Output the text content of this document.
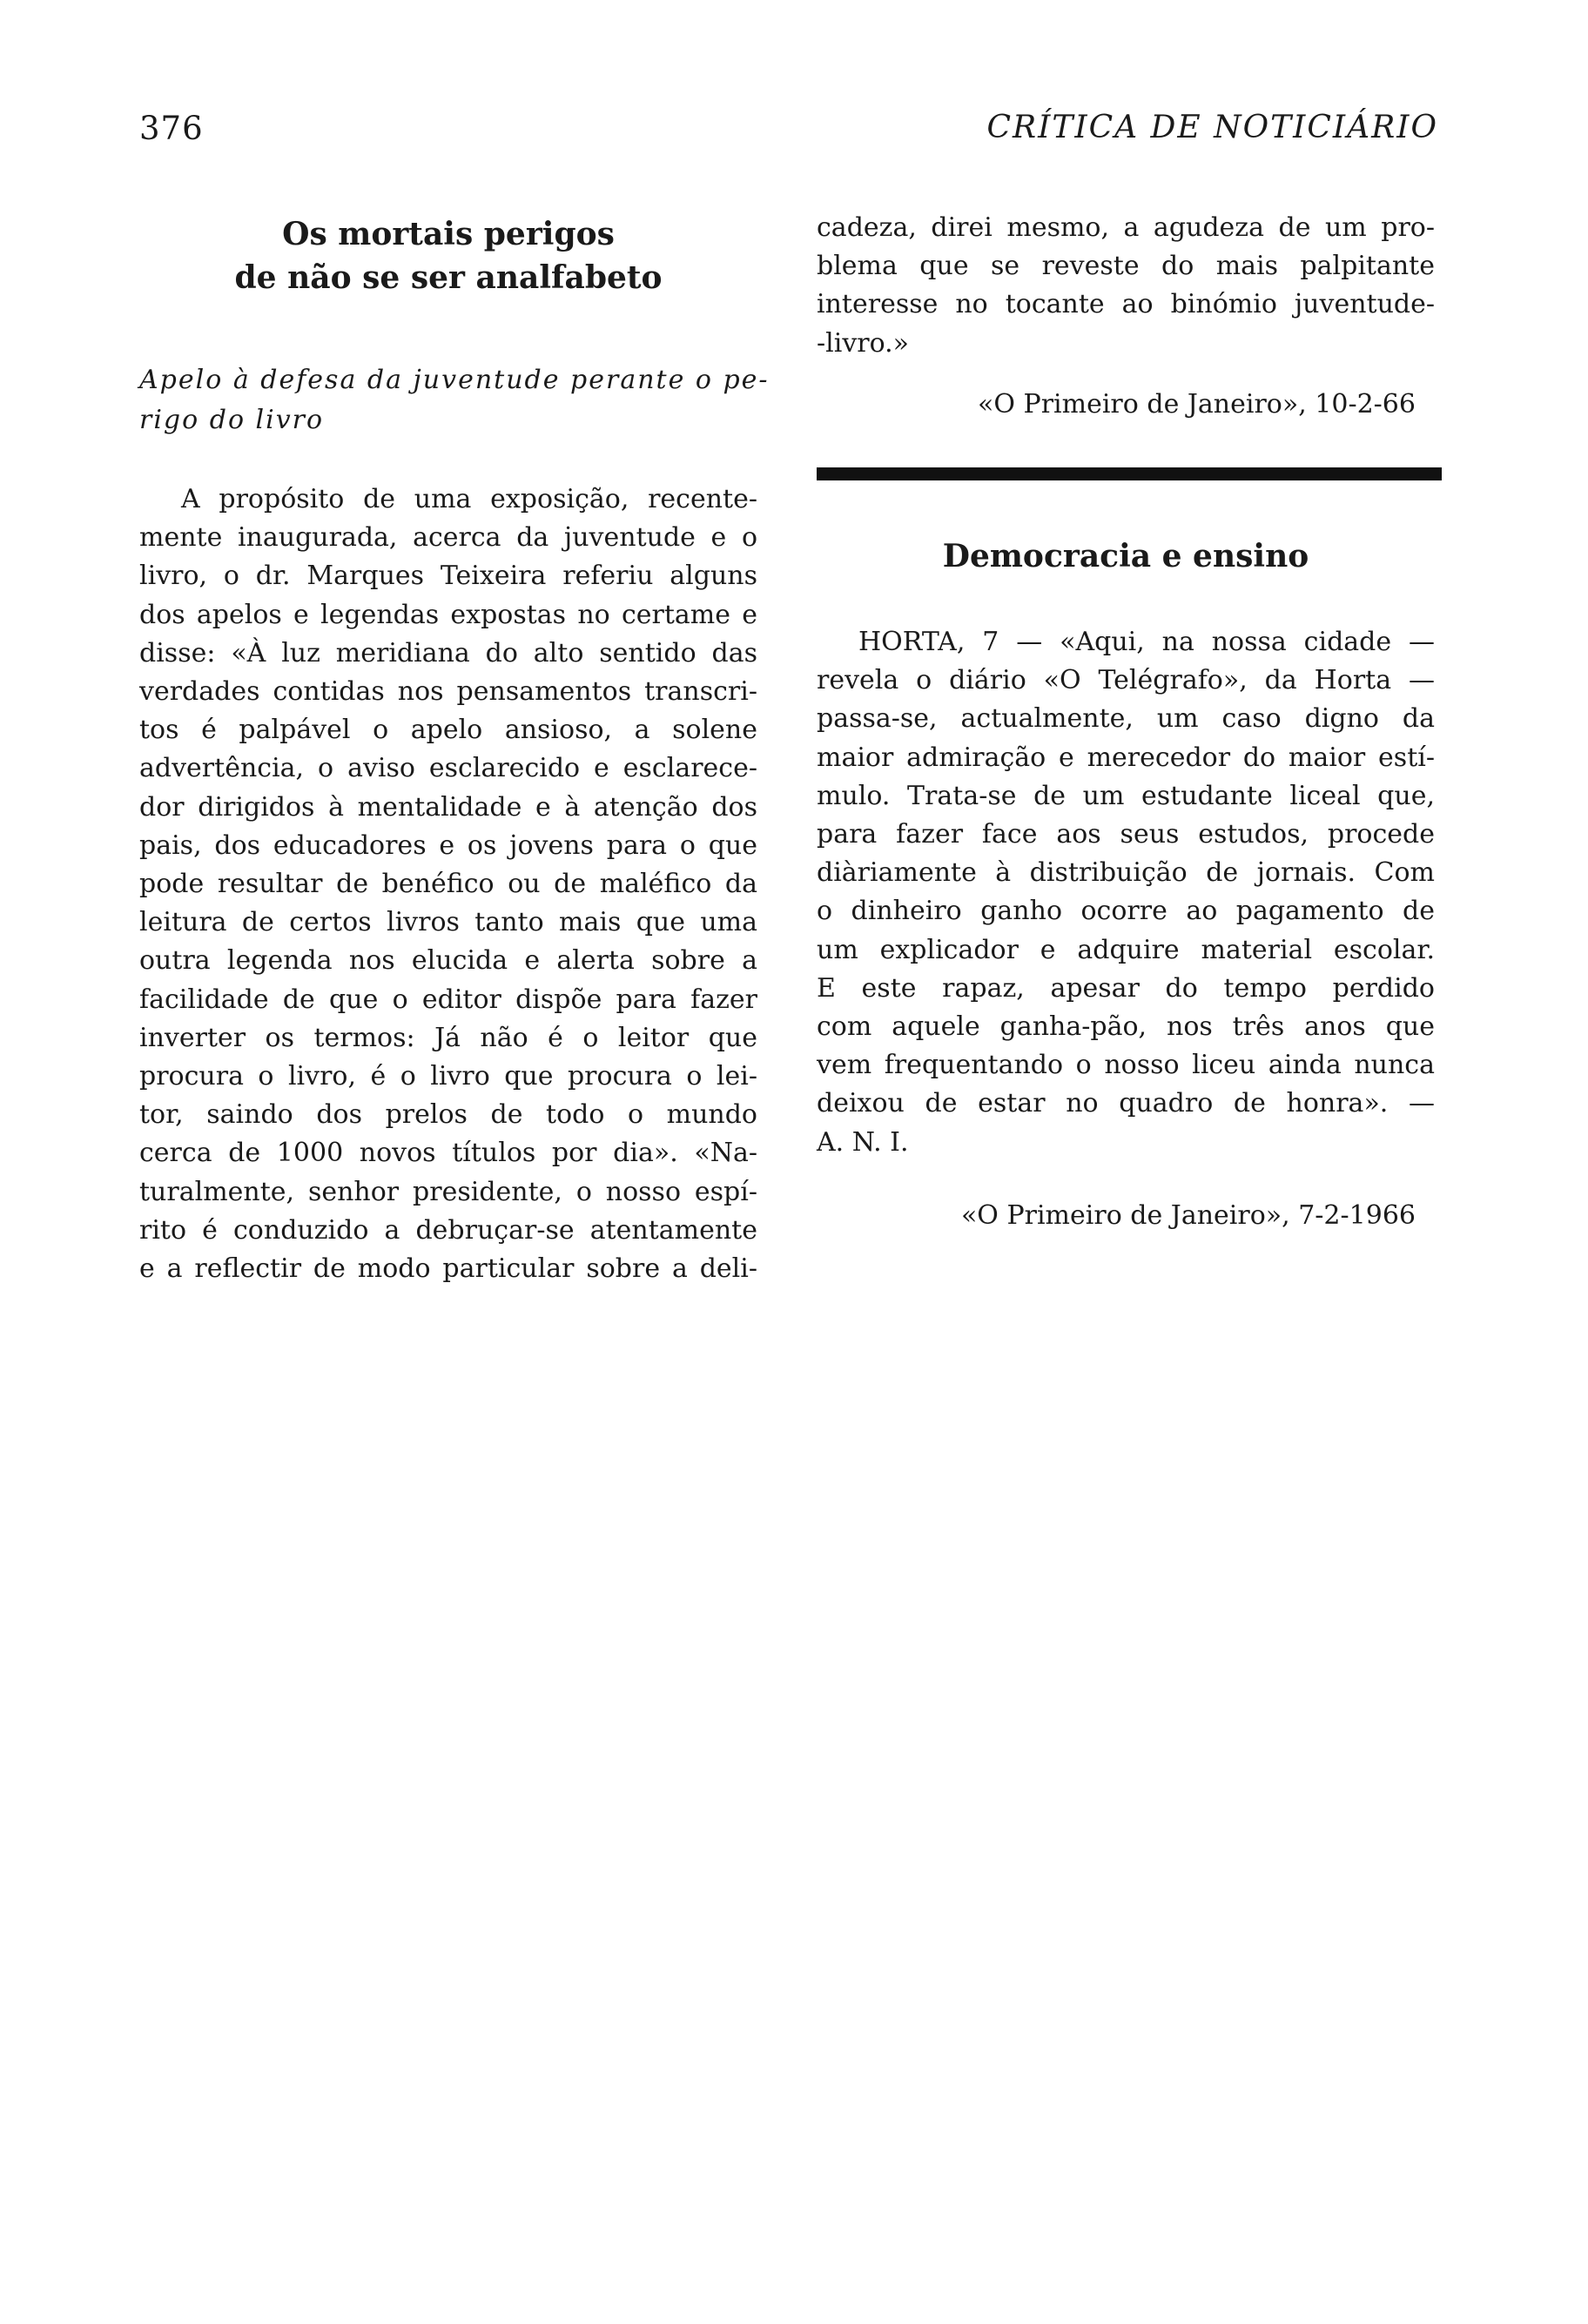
376	CRÍTICA DE NOTICIÁRIO
Os mortais perigos
de não se ser analfabeto
Apelo à defesa da juventude perante o pe-
rigo do livro
A propósito de uma exposição, recente-
mente inaugurada, acerca da juventude e o
livro, o dr. Marques Teixeira referiu alguns
dos apelos e legendas expostas no certame e
disse: «À luz meridiana do alto sentido das
verdades contidas nos pensamentos transcri-
tos é palpável o apelo ansioso, a solene
advertência, o aviso esclarecido e esclarece-
dor dirigidos à mentalidade e à atenção dos
pais, dos educadores e os jovens para o que
pode resultar de benéfico ou de maléfico da
leitura de certos livros tanto mais que uma
outra legenda nos elucida e alerta sobre a
facilidade de que o editor dispõe para fazer
inverter os termos: Já não é o leitor que
procura o livro, é o livro que procura o lei-
tor, saindo dos prelos de todo o mundo
cerca de 1000 novos títulos por dia». «Na-
turalmente, senhor presidente, o nosso espí-
rito é conduzido a debruçar-se atentamente
e a reflectir de modo particular sobre a deli-
cadeza, direi mesmo, a agudeza de um pro-
blema que se reveste do mais palpitante
interesse no tocante ao binómio juventude-
-livro.»
«O Primeiro de Janeiro», 10-2-66
Democracia e ensino
HORTA, 7 — «Aqui, na nossa cidade —
revela o diário «O Telégrafo», da Horta —
passa-se, actualmente, um caso digno da
maior admiração e merecedor do maior estí-
mulo. Trata-se de um estudante liceal que,
para fazer face aos seus estudos, procede
diàriamente à distribuição de jornais. Com
o dinheiro ganho ocorre ao pagamento de
um explicador e adquire material escolar.
E este rapaz, apesar do tempo perdido
com aquele ganha-pão, nos três anos que
vem frequentando o nosso liceu ainda nunca
deixou de estar no quadro de honra». —
A. N. I.
«O Primeiro de Janeiro», 7-2-1966
